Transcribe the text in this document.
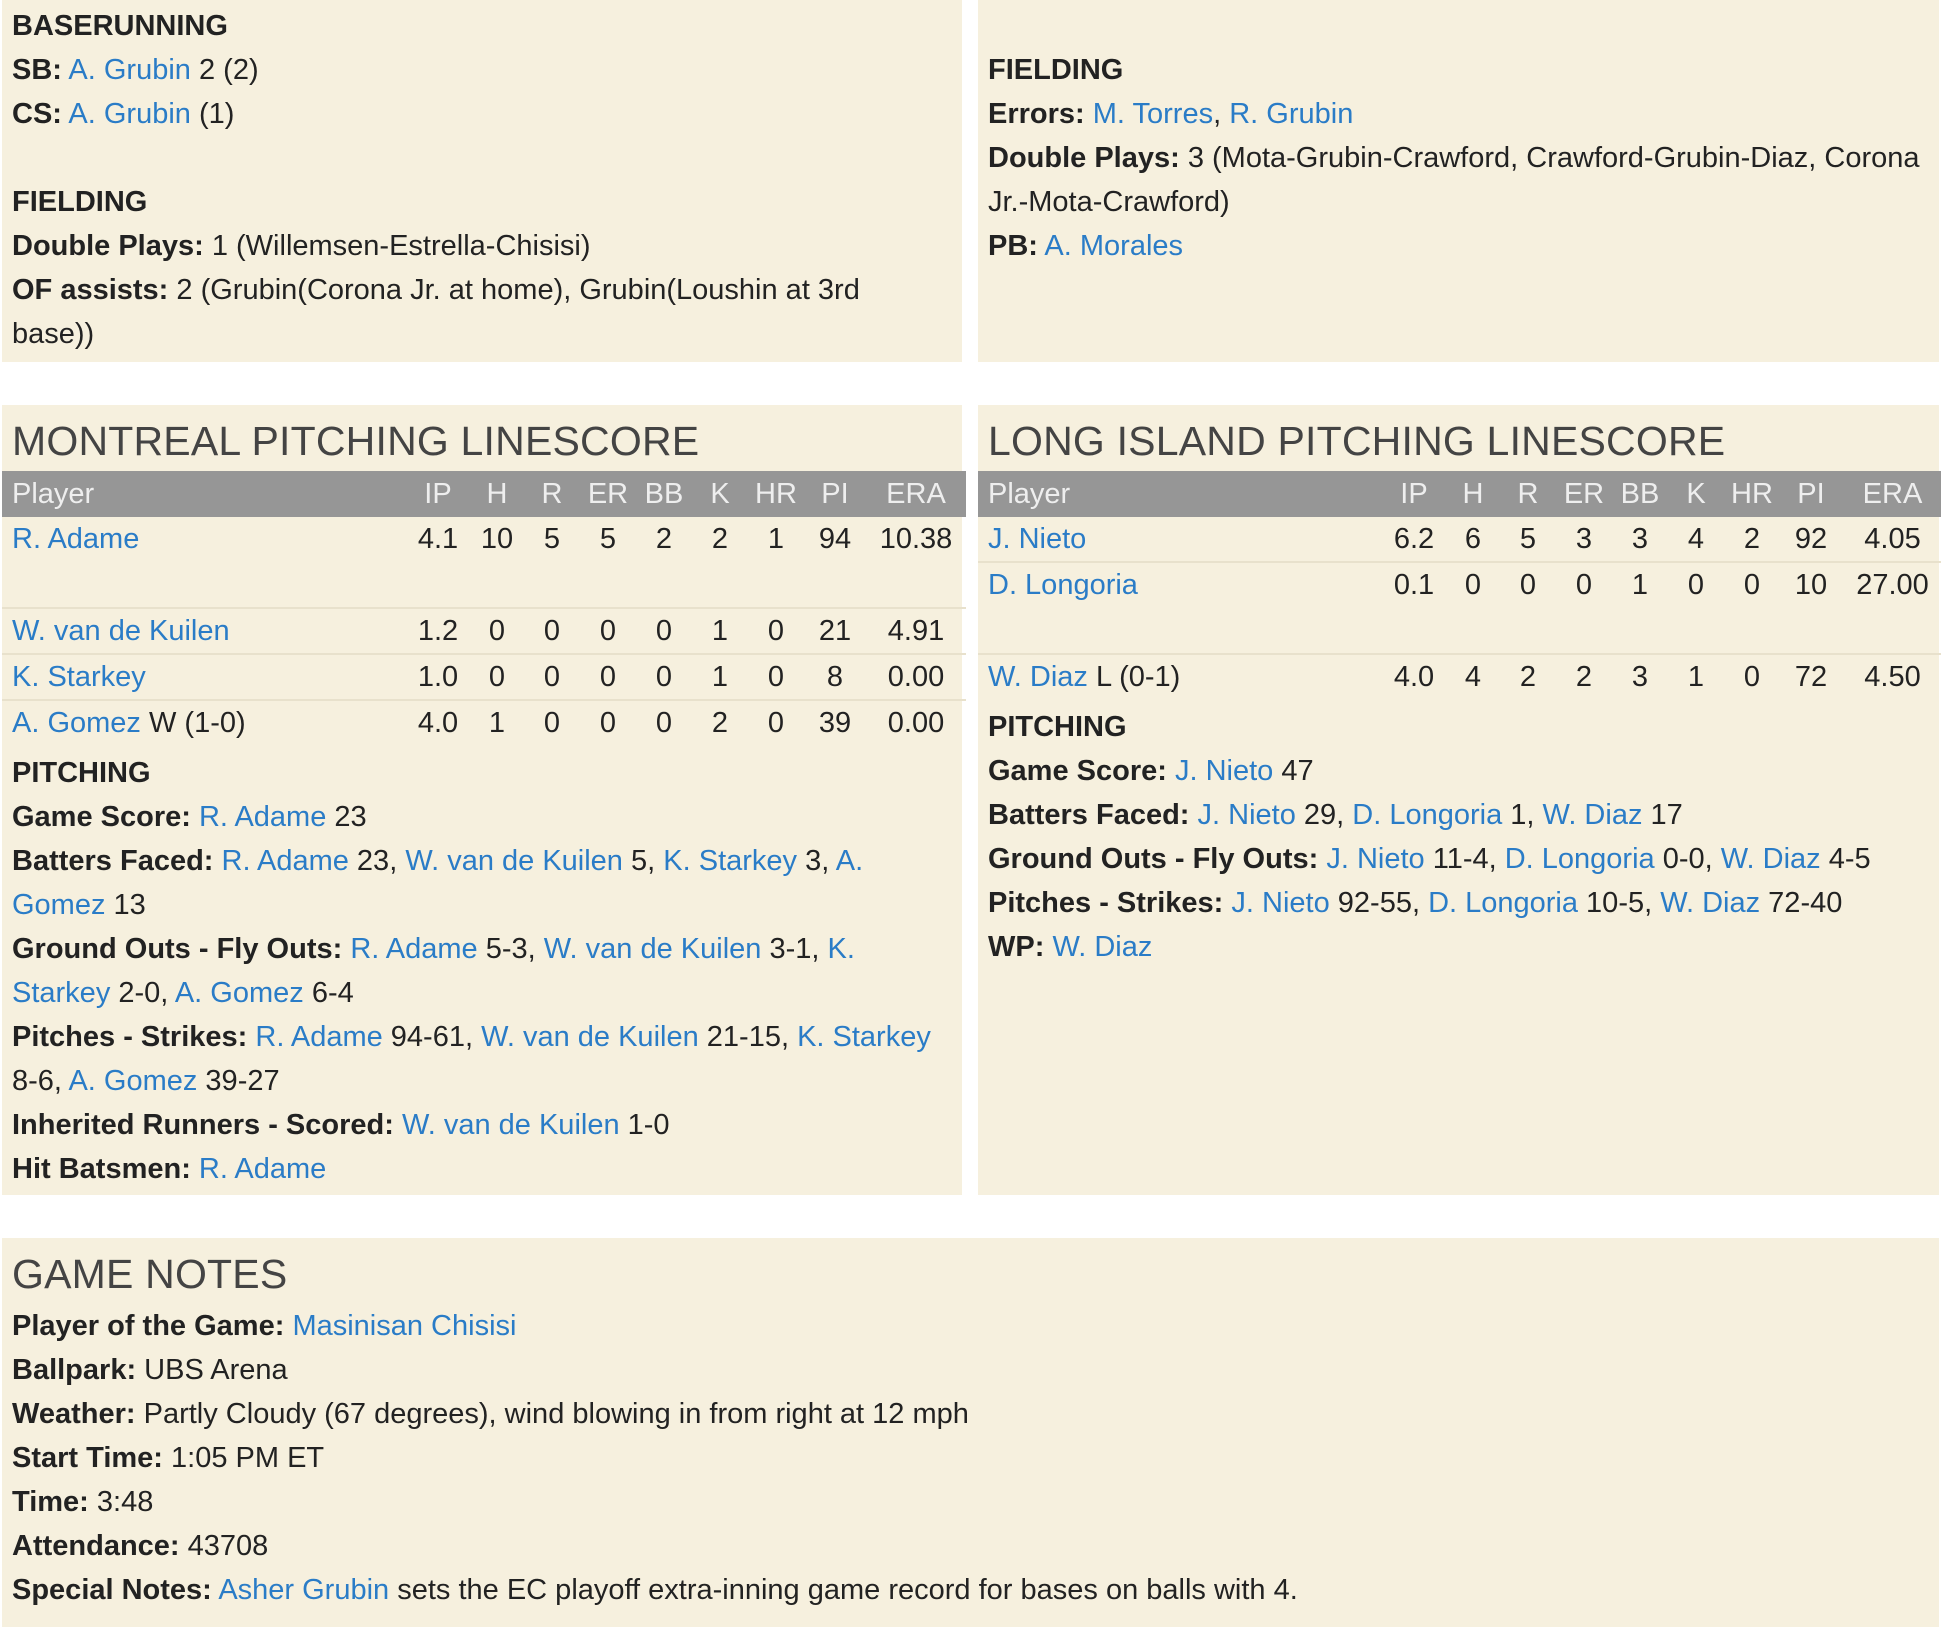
BASERUNNING
SB: A. Grubin 2 (2)
CS: A. Grubin (1)
FIELDING
Double Plays: 1 (Willemsen-Estrella-Chisisi)
OF assists: 2 (Grubin(Corona Jr. at home), Grubin(Loushin at 3rd base))
FIELDING
Errors: M. Torres, R. Grubin
Double Plays: 3 (Mota-Grubin-Crawford, Crawford-Grubin-Diaz, Corona Jr.-Mota-Crawford)
PB: A. Morales
MONTREAL PITCHING LINESCORE
Player	IP	H	R	ER	BB	K	HR	PI	ERA
R. Adame	4.1	10	5	5	2	2	1	94	10.38
W. van de Kuilen	1.2	0	0	0	0	1	0	21	4.91
K. Starkey	1.0	0	0	0	0	1	0	8	0.00
A. Gomez W (1-0)	4.0	1	0	0	0	2	0	39	0.00
PITCHING
Game Score: R. Adame 23
Batters Faced: R. Adame 23, W. van de Kuilen 5, K. Starkey 3, A. Gomez 13
Ground Outs - Fly Outs: R. Adame 5-3, W. van de Kuilen 3-1, K. Starkey 2-0, A. Gomez 6-4
Pitches - Strikes: R. Adame 94-61, W. van de Kuilen 21-15, K. Starkey 8-6, A. Gomez 39-27
Inherited Runners - Scored: W. van de Kuilen 1-0
Hit Batsmen: R. Adame
LONG ISLAND PITCHING LINESCORE
Player	IP	H	R	ER	BB	K	HR	PI	ERA
J. Nieto	6.2	6	5	3	3	4	2	92	4.05
D. Longoria	0.1	0	0	0	1	0	0	10	27.00
W. Diaz L (0-1)	4.0	4	2	2	3	1	0	72	4.50
PITCHING
Game Score: J. Nieto 47
Batters Faced: J. Nieto 29, D. Longoria 1, W. Diaz 17
Ground Outs - Fly Outs: J. Nieto 11-4, D. Longoria 0-0, W. Diaz 4-5
Pitches - Strikes: J. Nieto 92-55, D. Longoria 10-5, W. Diaz 72-40
WP: W. Diaz
GAME NOTES
Player of the Game: Masinisan Chisisi
Ballpark: UBS Arena
Weather: Partly Cloudy (67 degrees), wind blowing in from right at 12 mph
Start Time: 1:05 PM ET
Time: 3:48
Attendance: 43708
Special Notes: Asher Grubin sets the EC playoff extra-inning game record for bases on balls with 4.
